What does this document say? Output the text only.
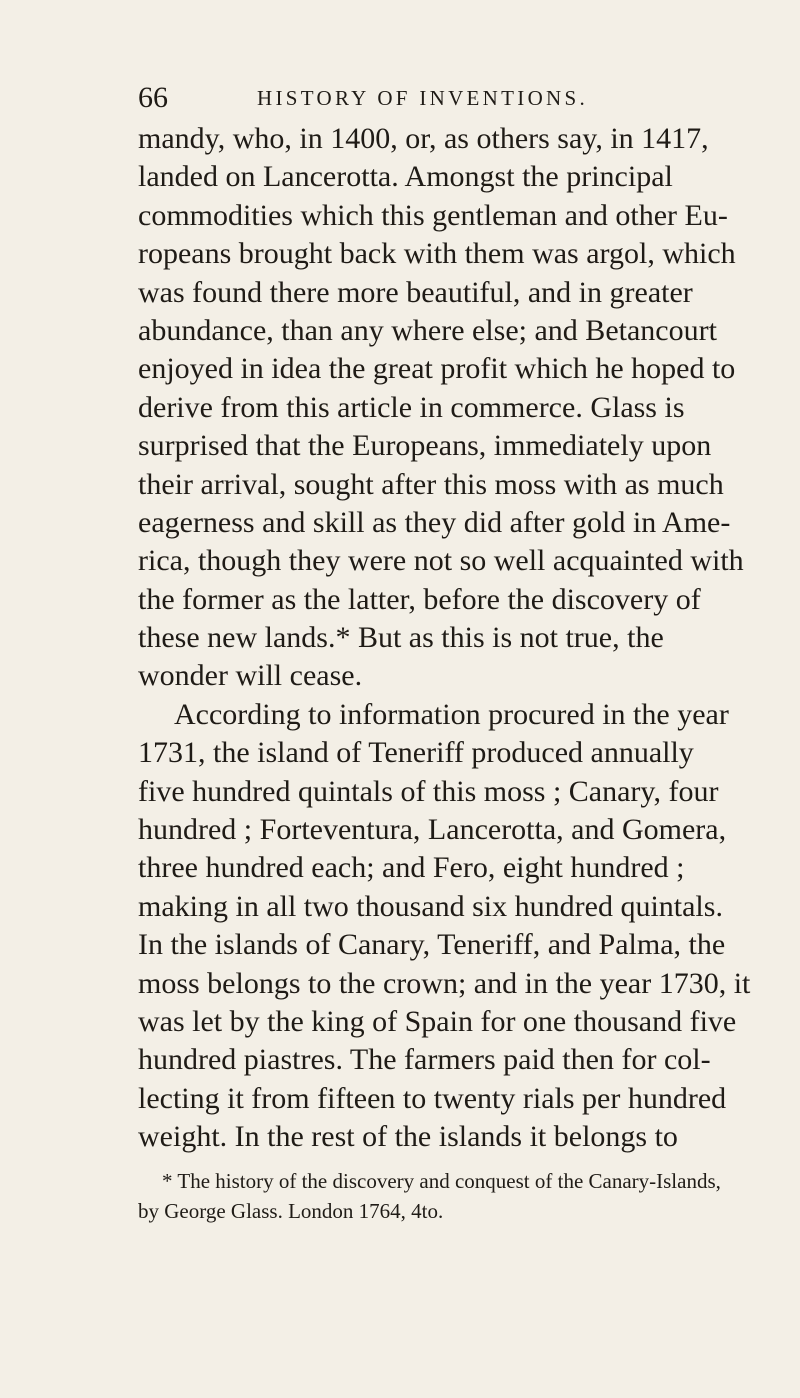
66	HISTORY OF INVENTIONS.
mandy, who, in 1400, or, as others say, in 1417,
landed on Lancerotta. Amongst the principal
commodities which this gentleman and other Eu-
ropeans brought back with them was argol, which
was found there more beautiful, and in greater
abundance, than any where else; and Betancourt
enjoyed in idea the great profit which he hoped to
derive from this article in commerce. Glass is
surprised that the Europeans, immediately upon
their arrival, sought after this moss with as much
eagerness and skill as they did after gold in Ame-
rica, though they were not so well acquainted with
the former as the latter, before the discovery of
these new lands.* But as this is not true, the
wonder will cease.
According to information procured in the year
1731, the island of Teneriff produced annually
five hundred quintals of this moss ; Canary, four
hundred ; Forteventura, Lancerotta, and Gomera,
three hundred each; and Fero, eight hundred ;
making in all two thousand six hundred quintals.
In the islands of Canary, Teneriff, and Palma, the
moss belongs to the crown; and in the year 1730, it
was let by the king of Spain for one thousand five
hundred piastres. The farmers paid then for col-
lecting it from fifteen to twenty rials per hundred
weight. In the rest of the islands it belongs to
* The history of the discovery and conquest of the Canary-Islands,
by George Glass. London 1764, 4to.
